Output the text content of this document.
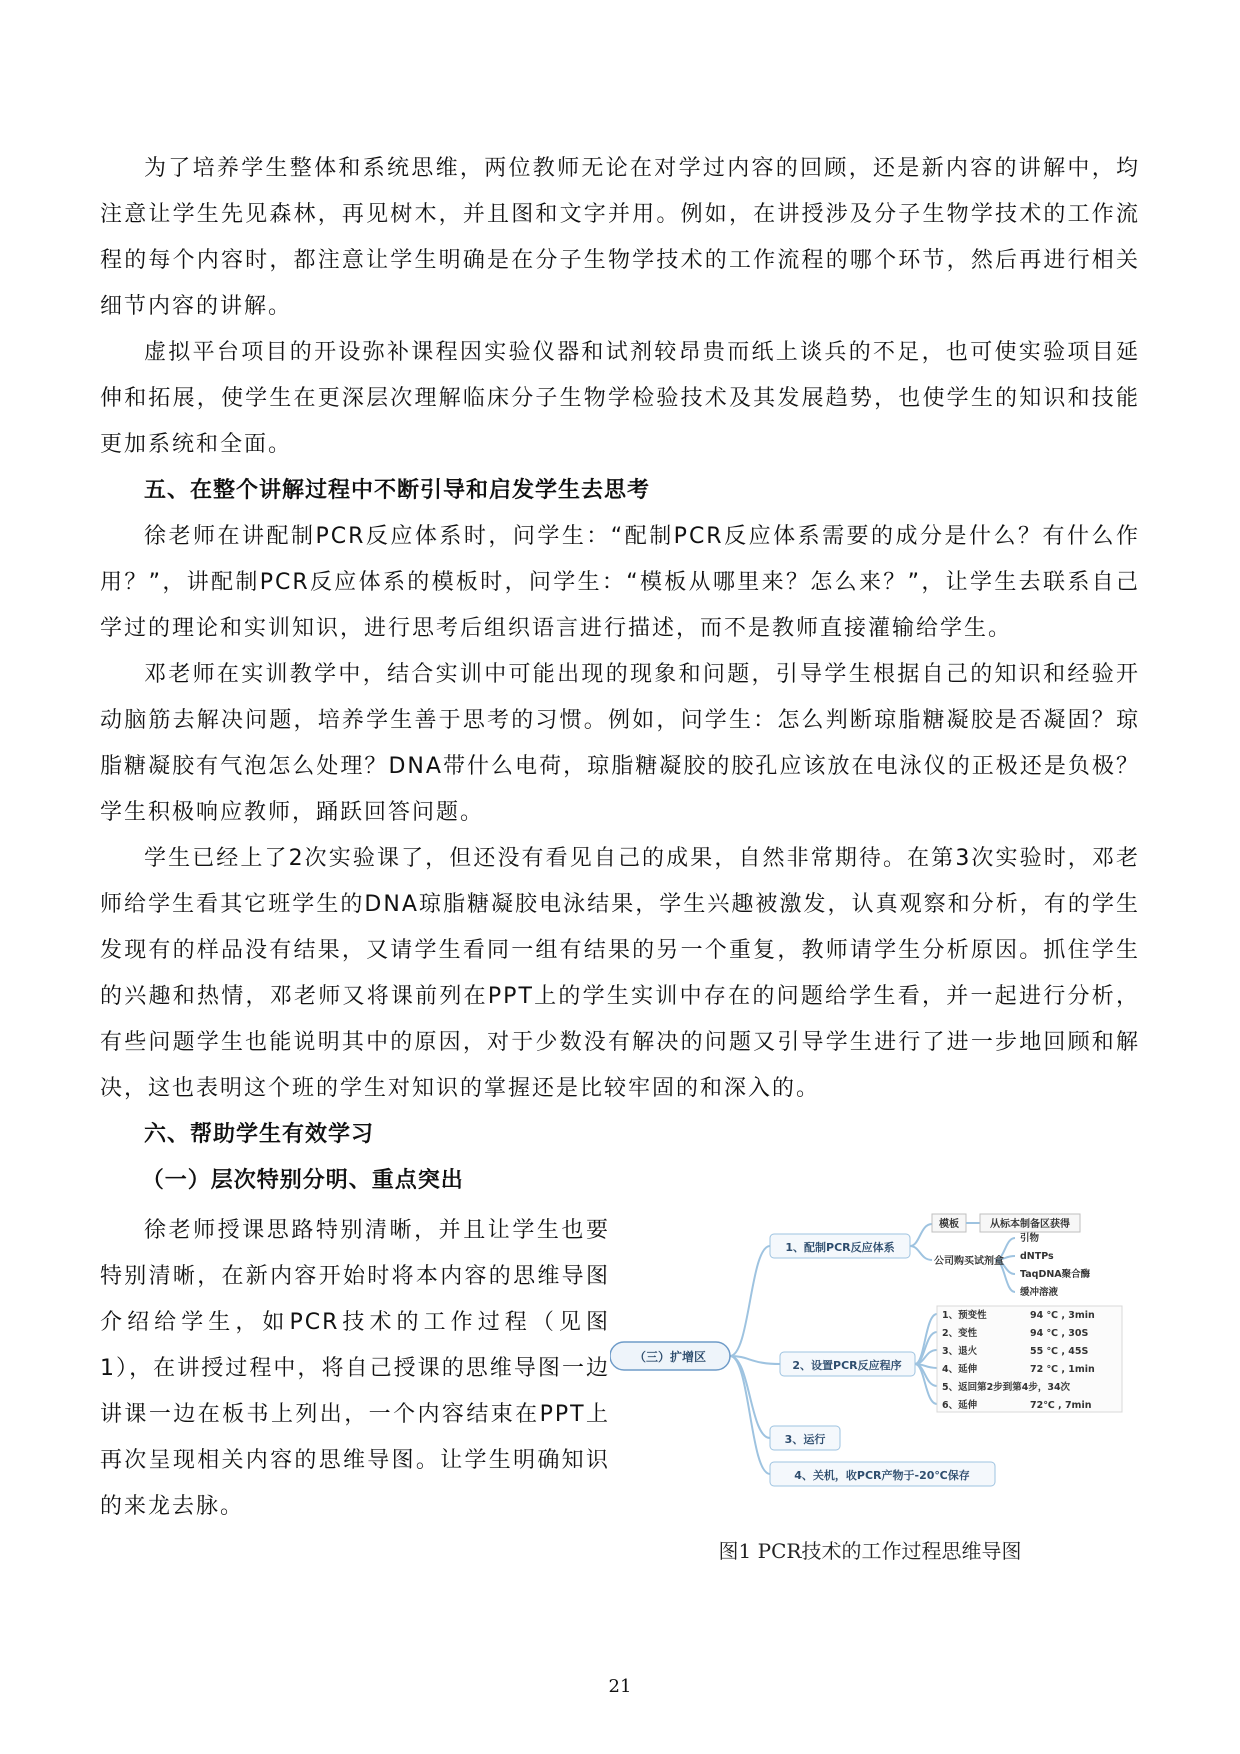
为了培养学生整体和系统思维，两位教师无论在对学过内容的回顾，还是新内容的讲解中，均注意让学生先见森林，再见树木，并且图和文字并用。例如，在讲授涉及分子生物学技术的工作流程的每个内容时，都注意让学生明确是在分子生物学技术的工作流程的哪个环节，然后再进行相关细节内容的讲解。

虚拟平台项目的开设弥补课程因实验仪器和试剂较昂贵而纸上谈兵的不足，也可使实验项目延伸和拓展，使学生在更深层次理解临床分子生物学检验技术及其发展趋势，也使学生的知识和技能更加系统和全面。

五、在整个讲解过程中不断引导和启发学生去思考

徐老师在讲配制PCR反应体系时，问学生：“配制PCR反应体系需要的成分是什么？有什么作用？”，讲配制PCR反应体系的模板时，问学生：“模板从哪里来？怎么来？”，让学生去联系自己学过的理论和实训知识，进行思考后组织语言进行描述，而不是教师直接灌输给学生。

邓老师在实训教学中，结合实训中可能出现的现象和问题，引导学生根据自己的知识和经验开动脑筋去解决问题，培养学生善于思考的习惯。例如，问学生：怎么判断琼脂糖凝胶是否凝固？琼脂糖凝胶有气泡怎么处理？DNA带什么电荷，琼脂糖凝胶的胶孔应该放在电泳仪的正极还是负极？学生积极响应教师，踊跃回答问题。

学生已经上了2次实验课了，但还没有看见自己的成果，自然非常期待。在第3次实验时，邓老师给学生看其它班学生的DNA琼脂糖凝胶电泳结果，学生兴趣被激发，认真观察和分析，有的学生发现有的样品没有结果，又请学生看同一组有结果的另一个重复，教师请学生分析原因。抓住学生的兴趣和热情，邓老师又将课前列在PPT上的学生实训中存在的问题给学生看，并一起进行分析，有些问题学生也能说明其中的原因，对于少数没有解决的问题又引导学生进行了进一步地回顾和解决，这也表明这个班的学生对知识的掌握还是比较牢固的和深入的。

六、帮助学生有效学习

（一）层次特别分明、重点突出

徐老师授课思路特别清晰，并且让学生也要特别清晰，在新内容开始时将本内容的思维导图介绍给学生，如PCR技术的工作过程（见图1），在讲授过程中，将自己授课的思维导图一边讲课一边在板书上列出，一个内容结束在PPT上再次呈现相关内容的思维导图。让学生明确知识的来龙去脉。

（三）扩增区
1、配制PCR反应体系
模板	从标本制备区获得
公司购买试剂盒
引物
dNTPs
TaqDNA聚合酶
缓冲溶液
2、设置PCR反应程序
1、预变性	94 ℃ , 3min
2、变性	94 ℃ , 30S
3、退火	55 ℃ , 45S
4、延伸	72 ℃ , 1min
5、返回第2步到第4步，34次
6、延伸	72℃ , 7min
3、运行
4、关机，收PCR产物于-20℃保存
图1 PCR技术的工作过程思维导图
21
